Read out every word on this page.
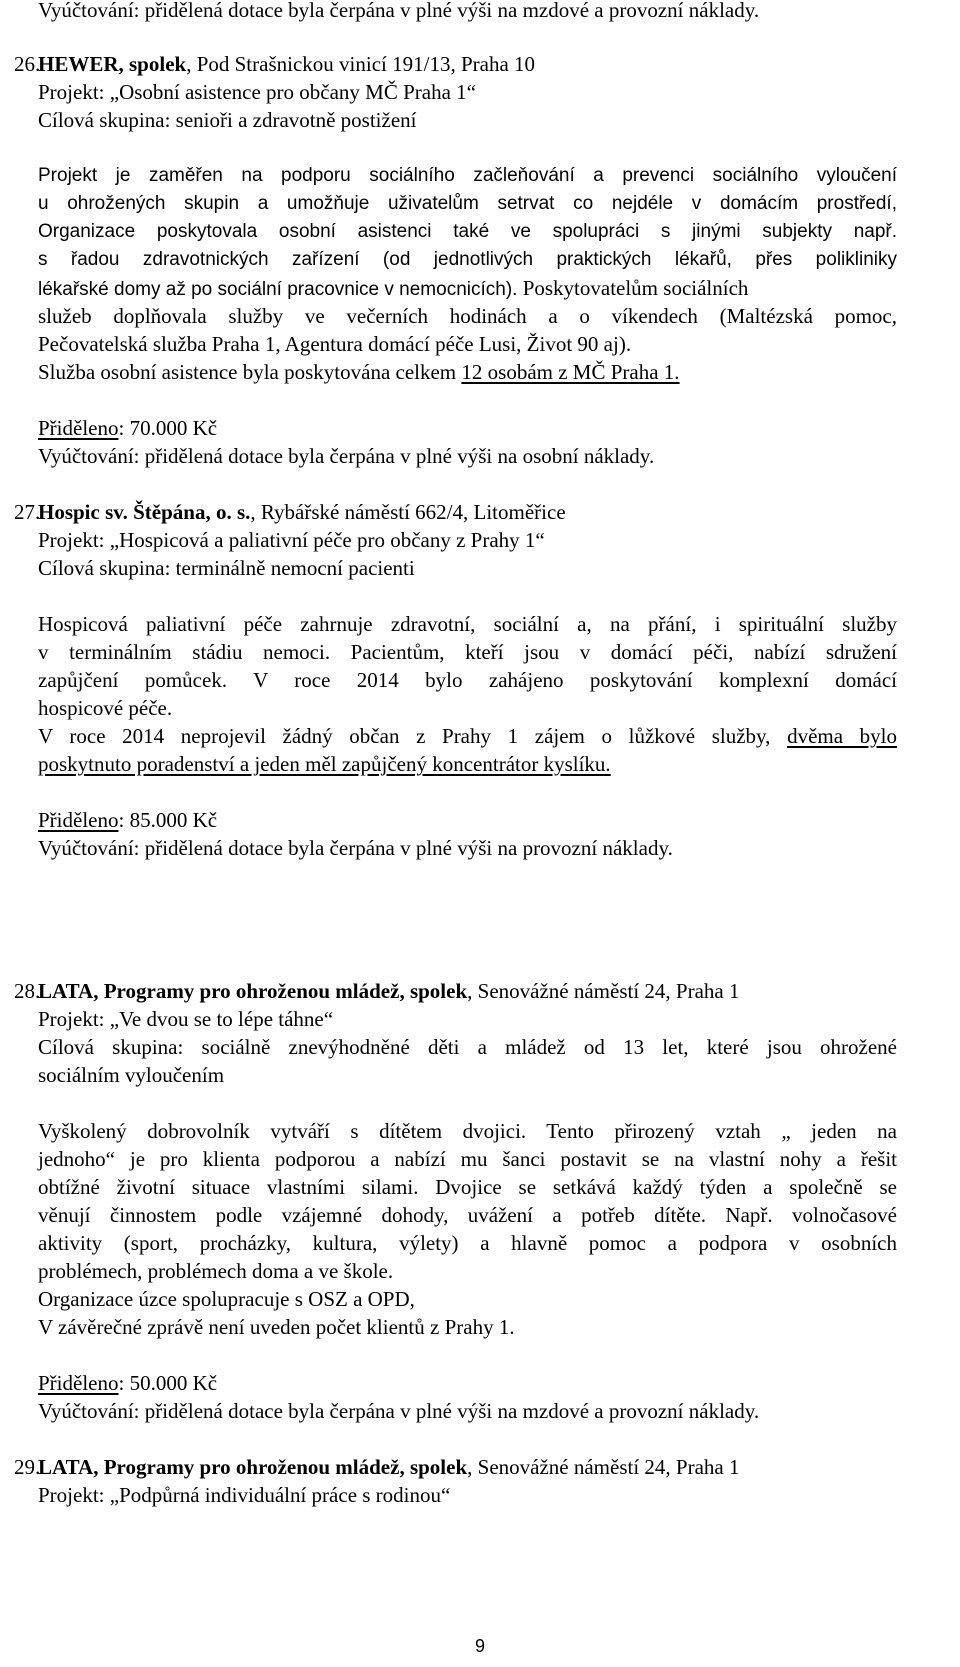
Vyúčtování: přidělená dotace byla čerpána v plné výši na mzdové a provozní náklady.
26.
HEWER, spolek, Pod Strašnickou vinicí 191/13, Praha 10
Projekt: „Osobní asistence pro občany MČ Praha 1“
Cílová skupina: senioři a zdravotně postižení
Projekt je zaměřen na podporu sociálního začleňování a prevenci sociálního vyloučení
u ohrožených skupin a umožňuje uživatelům setrvat co nejdéle v domácím prostředí,
Organizace poskytovala osobní asistenci také ve spolupráci s jinými subjekty např.
s řadou zdravotnických zařízení (od jednotlivých praktických lékařů, přes polikliniky
lékařské domy až po sociální pracovnice v nemocnicích). Poskytovatelům sociálních
služeb doplňovala služby ve večerních hodinách a o víkendech (Maltézská pomoc,
Pečovatelská služba Praha 1, Agentura domácí péče Lusi, Život 90 aj).
Služba osobní asistence byla poskytována celkem 12 osobám z MČ Praha 1.
Přiděleno: 70.000 Kč
Vyúčtování: přidělená dotace byla čerpána v plné výši na osobní náklady.
27.
Hospic sv. Štěpána, o. s., Rybářské náměstí 662/4, Litoměřice
Projekt: „Hospicová a paliativní péče pro občany z Prahy 1“
Cílová skupina: terminálně nemocní pacienti
Hospicová paliativní péče zahrnuje zdravotní, sociální a, na přání, i spirituální služby
v terminálním stádiu nemoci. Pacientům, kteří jsou v domácí péči, nabízí sdružení
zapůjčení pomůcek. V roce 2014 bylo zahájeno poskytování komplexní domácí
hospicové péče.
V roce 2014 neprojevil žádný občan z Prahy 1 zájem o lůžkové služby, dvěma bylo
poskytnuto poradenství a jeden měl zapůjčený koncentrátor kyslíku.
Přiděleno: 85.000 Kč
Vyúčtování: přidělená dotace byla čerpána v plné výši na provozní náklady.
28.
LATA, Programy pro ohroženou mládež, spolek, Senovážné náměstí 24, Praha 1
Projekt: „Ve dvou se to lépe táhne“
Cílová skupina: sociálně znevýhodněné děti a mládež od 13 let, které jsou ohrožené
sociálním vyloučením
Vyškolený dobrovolník vytváří s dítětem dvojici. Tento přirozený vztah „ jeden na
jednoho“ je pro klienta podporou a nabízí mu šanci postavit se na vlastní nohy a řešit
obtížné životní situace vlastními silami. Dvojice se setkává každý týden a společně se
věnují činnostem podle vzájemné dohody, uvážení a potřeb dítěte. Např. volnočasové
aktivity (sport, procházky, kultura, výlety) a hlavně pomoc a podpora v osobních
problémech, problémech doma a ve škole.
Organizace úzce spolupracuje s OSZ a OPD,
V závěrečné zprávě není uveden počet klientů z Prahy 1.
Přiděleno: 50.000 Kč
Vyúčtování: přidělená dotace byla čerpána v plné výši na mzdové a provozní náklady.
29.
LATA, Programy pro ohroženou mládež, spolek, Senovážné náměstí 24, Praha 1
Projekt: „Podpůrná individuální práce s rodinou“
9
